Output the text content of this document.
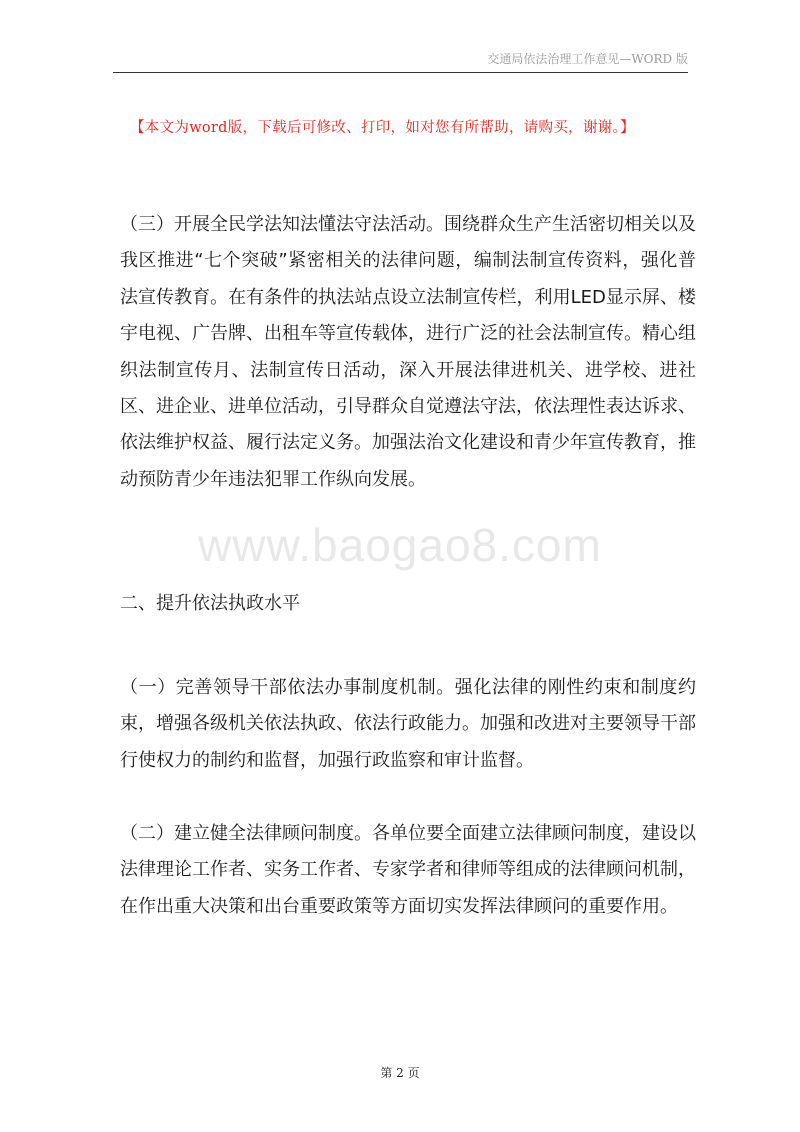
交通局依法治理工作意见—WORD 版
【本文为word版，下载后可修改、打印，如对您有所帮助，请购买，谢谢。】
（三）开展全民学法知法懂法守法活动。围绕群众生产生活密切相关以及我区推进“七个突破”紧密相关的法律问题，编制法制宣传资料，强化普法宣传教育。在有条件的执法站点设立法制宣传栏，利用LED显示屏、楼宇电视、广告牌、出租车等宣传载体，进行广泛的社会法制宣传。精心组织法制宣传月、法制宣传日活动，深入开展法律进机关、进学校、进社区、进企业、进单位活动，引导群众自觉遵法守法，依法理性表达诉求、依法维护权益、履行法定义务。加强法治文化建设和青少年宣传教育，推动预防青少年违法犯罪工作纵向发展。
www.baogao8.com
二、提升依法执政水平
（一）完善领导干部依法办事制度机制。强化法律的刚性约束和制度约束，增强各级机关依法执政、依法行政能力。加强和改进对主要领导干部行使权力的制约和监督，加强行政监察和审计监督。
（二）建立健全法律顾问制度。各单位要全面建立法律顾问制度，建设以法律理论工作者、实务工作者、专家学者和律师等组成的法律顾问机制，在作出重大决策和出台重要政策等方面切实发挥法律顾问的重要作用。
第 2 页
